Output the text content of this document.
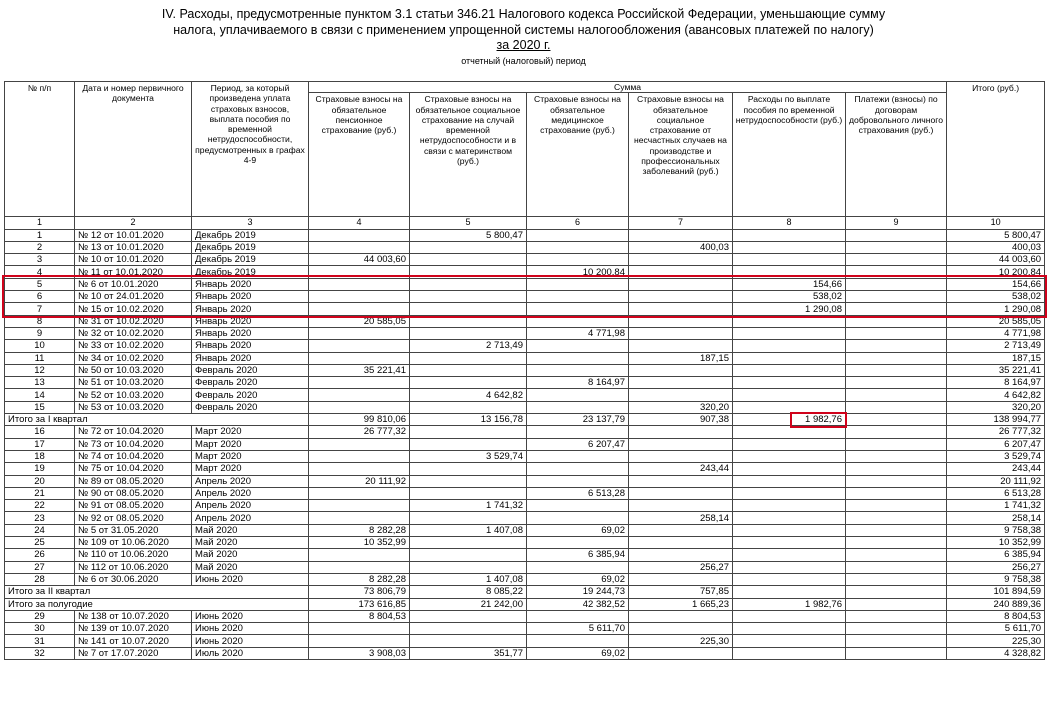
IV. Расходы, предусмотренные пунктом 3.1 статьи 346.21 Налогового кодекса Российской Федерации, уменьшающие сумму
налога, уплачиваемого в связи с применением упрощенной системы налогообложения (авансовых платежей по налогу)
за 2020 г.
отчетный (налоговый) период
№ п/п	Дата и номер первичного документа	Период, за который произведена уплата страховых взносов, выплата пособия по временной нетрудоспособности, предусмотренных в графах 4-9	Сумма						Итого (руб.)
			Страховые взносы на обязательное пенсионное страхование (руб.)	Страховые взносы на обязательное социальное страхование на случай временной нетрудоспособности и в связи с материнством (руб.)	Страховые взносы на обязательное медицинское страхование (руб.)	Страховые взносы на обязательное социальное страхование от несчастных случаев на производстве и профессиональных заболеваний (руб.)	Расходы по выплате пособия по временной нетрудоспособности (руб.)	Платежи (взносы) по договорам добровольного личного страхования (руб.)	
1	2	3	4	5	6	7	8	9	10
1	№ 12 от 10.01.2020	Декабрь 2019		5 800,47					5 800,47
2	№ 13 от 10.01.2020	Декабрь 2019				400,03			400,03
3	№ 10 от 10.01.2020	Декабрь 2019	44 003,60						44 003,60
4	№ 11 от 10.01.2020	Декабрь 2019			10 200,84				10 200,84
5	№ 6 от 10.01.2020	Январь 2020					154,66		154,66
6	№ 10 от 24.01.2020	Январь 2020					538,02		538,02
7	№ 15 от 10.02.2020	Январь 2020					1 290,08		1 290,08
8	№ 31 от 10.02.2020	Январь 2020	20 585,05						20 585,05
9	№ 32 от 10.02.2020	Январь 2020			4 771,98				4 771,98
10	№ 33 от 10.02.2020	Январь 2020		2 713,49					2 713,49
11	№ 34 от 10.02.2020	Январь 2020				187,15			187,15
12	№ 50 от 10.03.2020	Февраль 2020	35 221,41						35 221,41
13	№ 51 от 10.03.2020	Февраль 2020			8 164,97				8 164,97
14	№ 52 от 10.03.2020	Февраль 2020		4 642,82					4 642,82
15	№ 53 от 10.03.2020	Февраль 2020				320,20			320,20
Итого за I квартал			99 810,06	13 156,78	23 137,79	907,38	1 982,76		138 994,77
16	№ 72 от 10.04.2020	Март 2020	26 777,32						26 777,32
17	№ 73 от 10.04.2020	Март 2020			6 207,47				6 207,47
18	№ 74 от 10.04.2020	Март 2020		3 529,74					3 529,74
19	№ 75 от 10.04.2020	Март 2020				243,44			243,44
20	№ 89 от 08.05.2020	Апрель 2020	20 111,92						20 111,92
21	№ 90 от 08.05.2020	Апрель 2020			6 513,28				6 513,28
22	№ 91 от 08.05.2020	Апрель 2020		1 741,32					1 741,32
23	№ 92 от 08.05.2020	Апрель 2020				258,14			258,14
24	№ 5 от 31.05.2020	Май 2020	8 282,28	1 407,08	69,02				9 758,38
25	№ 109 от 10.06.2020	Май 2020	10 352,99						10 352,99
26	№ 110 от 10.06.2020	Май 2020			6 385,94				6 385,94
27	№ 112 от 10.06.2020	Май 2020				256,27			256,27
28	№ 6 от 30.06.2020	Июнь 2020	8 282,28	1 407,08	69,02				9 758,38
Итого за II квартал			73 806,79	8 085,22	19 244,73	757,85			101 894,59
Итого за полугодие			173 616,85	21 242,00	42 382,52	1 665,23	1 982,76		240 889,36
29	№ 138 от 10.07.2020	Июнь 2020	8 804,53						8 804,53
30	№ 139 от 10.07.2020	Июнь 2020			5 611,70				5 611,70
31	№ 141 от 10.07.2020	Июнь 2020				225,30			225,30
32	№ 7 от 17.07.2020	Июль 2020	3 908,03	351,77	69,02				4 328,82
